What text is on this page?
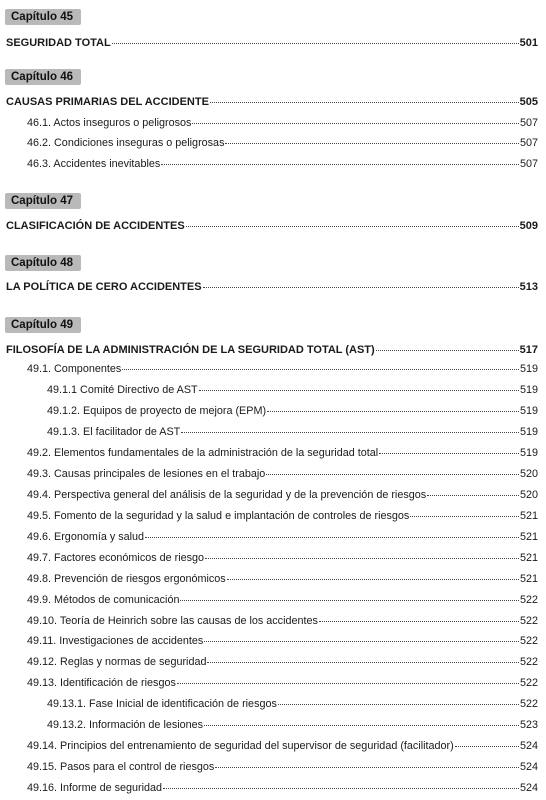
Capítulo 45
SEGURIDAD TOTAL	501
Capítulo 46
CAUSAS PRIMARIAS DEL ACCIDENTE	505
46.1. Actos inseguros o peligrosos	507
46.2. Condiciones inseguras o peligrosas	507
46.3. Accidentes inevitables	507
Capítulo 47
CLASIFICACIÓN DE ACCIDENTES	509
Capítulo 48
LA POLÍTICA DE CERO ACCIDENTES	513
Capítulo 49
FILOSOFÍA DE LA ADMINISTRACIÓN DE LA SEGURIDAD TOTAL (AST)	517
49.1. Componentes	519
49.1.1 Comité Directivo de AST	519
49.1.2. Equipos de proyecto de mejora (EPM)	519
49.1.3. El facilitador de AST	519
49.2. Elementos fundamentales de la administración de la seguridad total	519
49.3. Causas principales de lesiones en el trabajo	520
49.4. Perspectiva general del análisis de la seguridad y de la prevención de riesgos	520
49.5. Fomento de la seguridad y la salud e implantación de controles de riesgos	521
49.6. Ergonomía y salud	521
49.7. Factores económicos de riesgo	521
49.8. Prevención de riesgos ergonómicos	521
49.9. Métodos de comunicación	522
49.10. Teoría de Heinrich sobre las causas de los accidentes	522
49.11. Investigaciones de accidentes	522
49.12. Reglas y normas de seguridad	522
49.13. Identificación de riesgos	522
49.13.1. Fase Inicial de identificación de riesgos	522
49.13.2. Información de lesiones	523
49.14. Principios del entrenamiento de seguridad del supervisor de seguridad (facilitador)	524
49.15. Pasos para el control de riesgos	524
49.16. Informe de seguridad	524
